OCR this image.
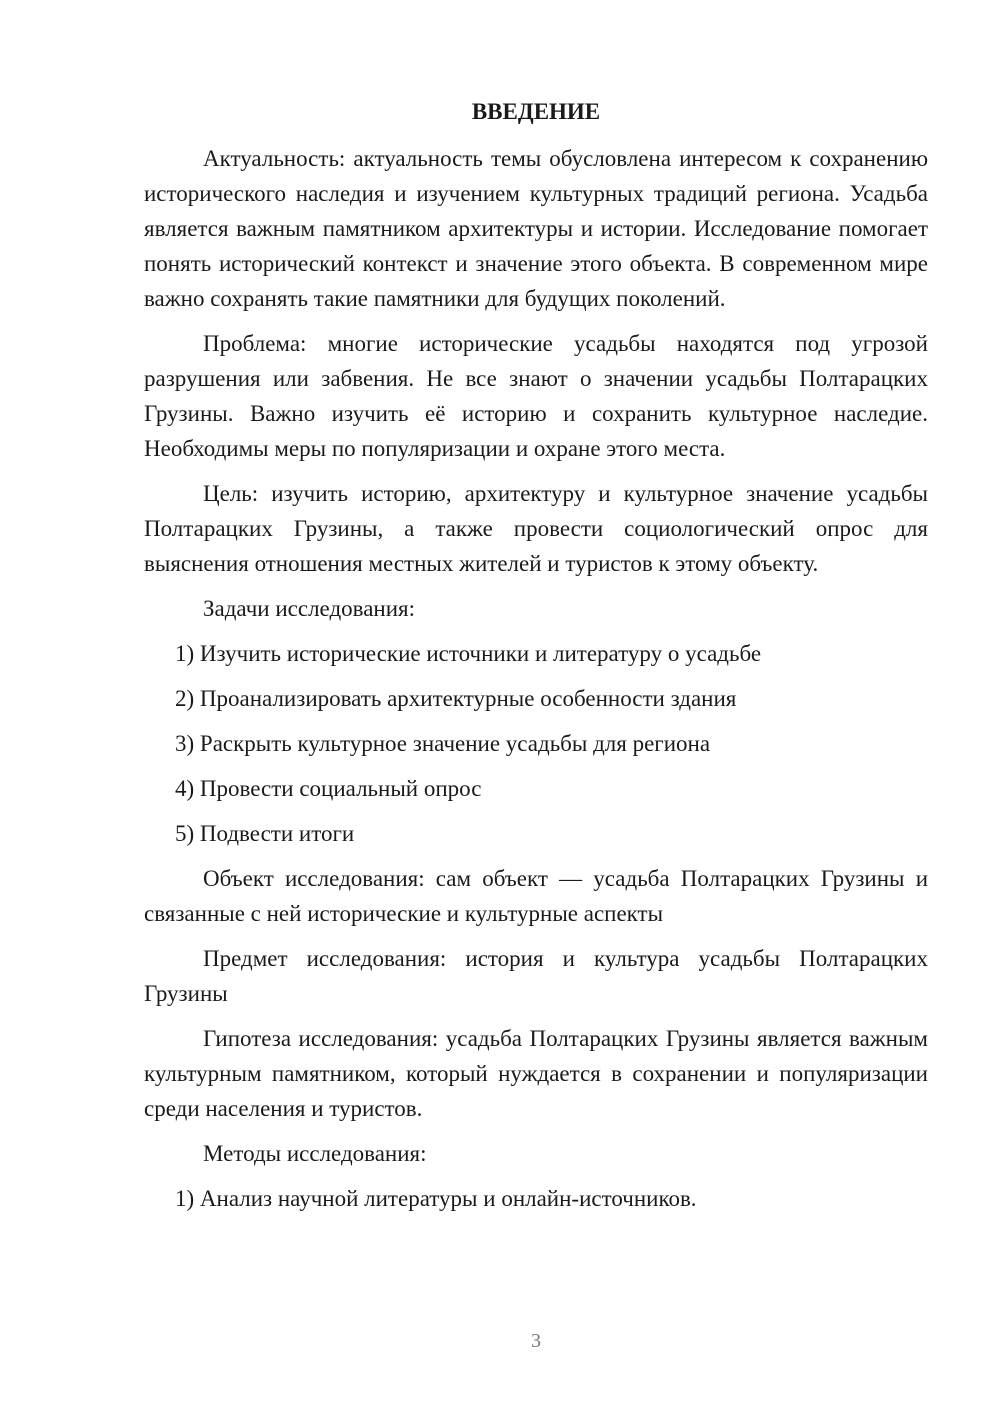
ВВЕДЕНИЕ

Актуальность: актуальность темы обусловлена интересом к сохранению исторического наследия и изучением культурных традиций региона. Усадьба является важным памятником архитектуры и истории. Исследование помогает понять исторический контекст и значение этого объекта. В современном мире важно сохранять такие памятники для будущих поколений.

Проблема: многие исторические усадьбы находятся под угрозой разрушения или забвения. Не все знают о значении усадьбы Полтарацких Грузины. Важно изучить её историю и сохранить культурное наследие. Необходимы меры по популяризации и охране этого места.

Цель: изучить историю, архитектуру и культурное значение усадьбы Полтарацких Грузины, а также провести социологический опрос для выяснения отношения местных жителей и туристов к этому объекту.

Задачи исследования:

1) Изучить исторические источники и литературу о усадьбе
2) Проанализировать архитектурные особенности здания
3) Раскрыть культурное значение усадьбы для региона
4) Провести социальный опрос
5) Подвести итоги

Объект исследования: сам объект — усадьба Полтарацких Грузины и связанные с ней исторические и культурные аспекты

Предмет исследования: история и культура усадьбы Полтарацких Грузины

Гипотеза исследования: усадьба Полтарацких Грузины является важным культурным памятником, который нуждается в сохранении и популяризации среди населения и туристов.

Методы исследования:

1) Анализ научной литературы и онлайн-источников.
3
